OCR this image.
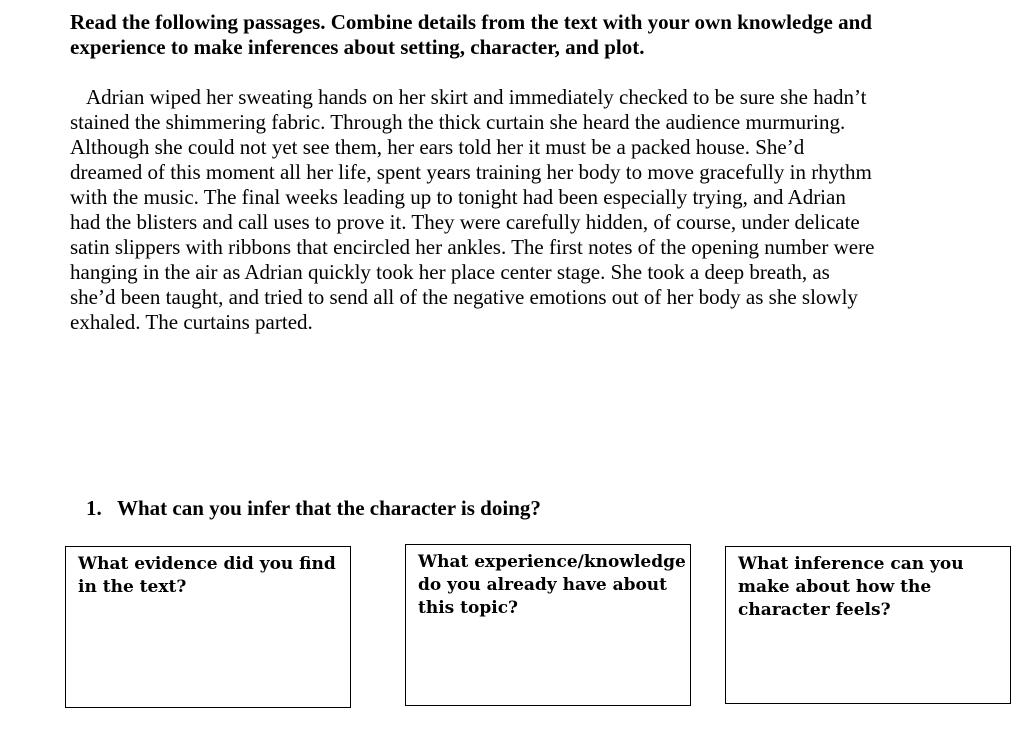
Read the following passages. Combine details from the text with your own knowledge and experience to make inferences about setting, character, and plot.

Adrian wiped her sweating hands on her skirt and immediately checked to be sure she hadn’t
stained the shimmering fabric. Through the thick curtain she heard the audience murmuring.
Although she could not yet see them, her ears told her it must be a packed house. She’d
dreamed of this moment all her life, spent years training her body to move gracefully in rhythm
with the music. The final weeks leading up to tonight had been especially trying, and Adrian
had the blisters and call uses to prove it. They were carefully hidden, of course, under delicate
satin slippers with ribbons that encircled her ankles. The first notes of the opening number were
hanging in the air as Adrian quickly took her place center stage. She took a deep breath, as
she’d been taught, and tried to send all of the negative emotions out of her body as she slowly
exhaled. The curtains parted.
1. What can you infer that the character is doing?
What evidence did you find
in the text?
What experience/knowledge
do you already have about
this topic?
What inference can you
make about how the
character feels?
